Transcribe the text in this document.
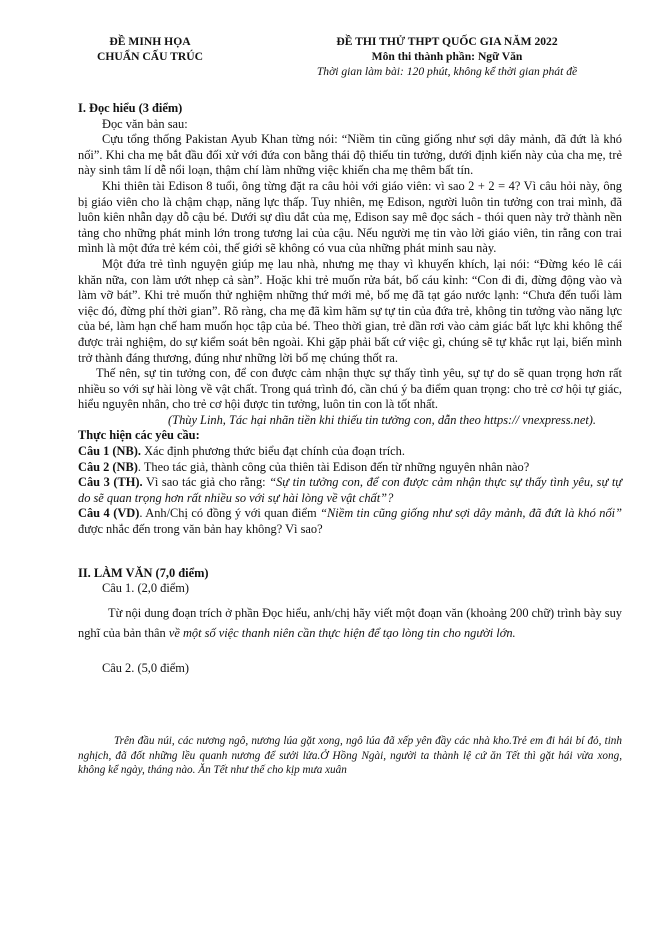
ĐỀ MINH HỌA
CHUẨN CẤU TRÚC
ĐỀ THI THỬ THPT QUỐC GIA NĂM 2022
Môn thi thành phần: Ngữ Văn
Thời gian làm bài: 120 phút, không kể thời gian phát đề
I. Đọc hiểu (3 điểm)

Đọc văn bản sau:

Cựu tổng thống Pakistan Ayub Khan từng nói: “Niềm tin cũng giống như sợi dây mảnh, đã đứt là khó nối”. Khi cha mẹ bắt đầu đối xử với đứa con bằng thái độ thiếu tin tưởng, dưới định kiến này của cha mẹ, trẻ này sinh tâm lí dễ nổi loạn, thậm chí làm những việc khiến cha mẹ thêm bất tín.

Khi thiên tài Edison 8 tuổi, ông từng đặt ra câu hỏi với giáo viên: vì sao 2 + 2 = 4? Vì câu hỏi này, ông bị giáo viên cho là chậm chạp, năng lực thấp. Tuy nhiên, mẹ Edison, người luôn tin tưởng con trai mình, đã luôn kiên nhẫn dạy dỗ cậu bé. Dưới sự dìu dắt của mẹ, Edison say mê đọc sách - thói quen này trở thành nền tảng cho những phát minh lớn trong tương lai của cậu. Nếu người mẹ tin vào lời giáo viên, tin rằng con trai mình là một đứa trẻ kém cỏi, thế giới sẽ không có vua của những phát minh sau này.

Một đứa trẻ tình nguyện giúp mẹ lau nhà, nhưng mẹ thay vì khuyến khích, lại nói: “Đừng kéo lê cái khăn nữa, con làm ướt nhẹp cả sàn”. Hoặc khi trẻ muốn rửa bát, bố cáu kỉnh: “Con đi đi, đừng động vào và làm vỡ bát”. Khi trẻ muốn thử nghiệm những thứ mới mẻ, bố mẹ đã tạt gáo nước lạnh: “Chưa đến tuổi làm việc đó, đừng phí thời gian”. Rõ ràng, cha mẹ đã kìm hãm sự tự tin của đứa trẻ, không tin tưởng vào năng lực của bé, làm hạn chế ham muốn học tập của bé. Theo thời gian, trẻ dần rơi vào cảm giác bất lực khi không thể được trải nghiệm, do sự kiểm soát bên ngoài. Khi gặp phải bất cứ việc gì, chúng sẽ tự khắc rụt lại, biến mình trở thành đáng thương, đúng như những lời bố mẹ chúng thốt ra.

Thế nên, sự tin tưởng con, để con được cảm nhận thực sự thấy tình yêu, sự tự do sẽ quan trọng hơn rất nhiều so với sự hài lòng về vật chất. Trong quá trình đó, cần chú ý ba điểm quan trọng: cho trẻ cơ hội tự giác, hiểu nguyên nhân, cho trẻ cơ hội được tin tưởng, luôn tin con là tốt nhất.

(Thùy Linh, Tác hại nhãn tiền khi thiếu tin tưởng con, dẫn theo https:// vnexpress.net).

Thực hiện các yêu cầu:

Câu 1 (NB). Xác định phương thức biểu đạt chính của đoạn trích.

Câu 2 (NB). Theo tác giả, thành công của thiên tài Edison đến từ những nguyên nhân nào?

Câu 3 (TH). Vì sao tác giả cho rằng: “Sự tin tưởng con, để con được cảm nhận thực sự thấy tình yêu, sự tự do sẽ quan trọng hơn rất nhiều so với sự hài lòng về vật chất”?

Câu 4 (VD). Anh/Chị có đồng ý với quan điểm “Niềm tin cũng giống như sợi dây mảnh, đã đứt là khó nối” được nhắc đến trong văn bản hay không? Vì sao?

II. LÀM VĂN (7,0 điểm)
Câu 1. (2,0 điểm)

Từ nội dung đoạn trích ở phần Đọc hiểu, anh/chị hãy viết một đoạn văn (khoảng 200 chữ) trình bày suy nghĩ của bản thân về một số việc thanh niên cần thực hiện để tạo lòng tin cho người lớn.

Câu 2. (5,0 điểm)

Trên đầu núi, các nương ngô, nương lúa gặt xong, ngô lúa đã xếp yên đầy các nhà kho.Trẻ em đi hái bí đỏ, tinh nghịch, đã đốt những lều quanh nương để sưởi lửa.Ở Hồng Ngài, người ta thành lệ cứ ăn Tết thì gặt hái vừa xong, không kể ngày, tháng nào. Ăn Tết như thế cho kịp mưa xuân
